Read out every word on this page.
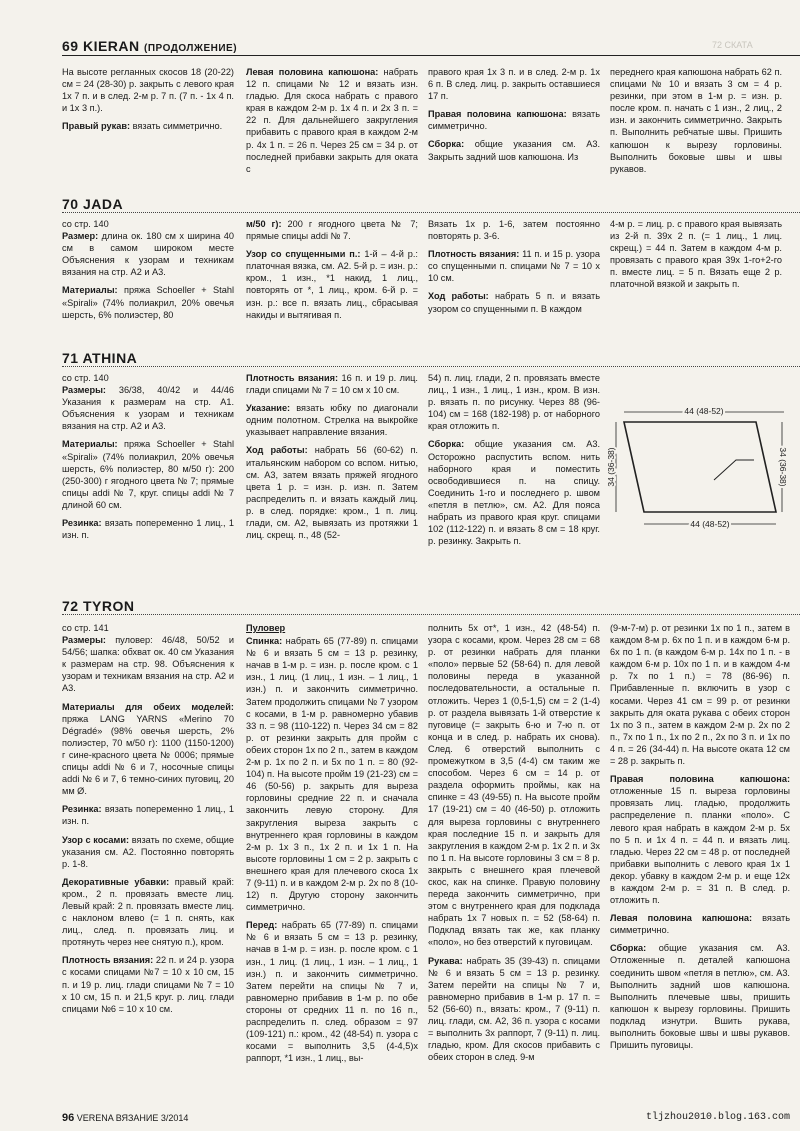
69 KIERAN (ПРОДОЛЖЕНИЕ)	72 СКАТА

На высоте регланных скосов 18 (20-22) см = 24 (28-30) р. закрыть с левого края 1х 7 п. и в след. 2-м р. 7 п. (7 п. - 1х 4 п. и 1х 3 п.).

Правый рукав: вязать симметрично.

Левая половина капюшона: набрать 12 п. спицами № 12 и вязать изн. гладью. Для скоса набрать с правого края в каждом 2-м р. 1х 4 п. и 2х 3 п. = 22 п. Для дальнейшего закругления прибавить с правого края в каждом 2-м р. 4х 1 п. = 26 п. Через 25 см = 34 р. от последней прибавки закрыть для оката с

правого края 1х 3 п. и в след. 2-м р. 1х 6 п. В след. лиц. р. закрыть оставшиеся 17 п.

Правая половина капюшона: вязать симметрично.

Сборка: общие указания см. А3. Закрыть задний шов капюшона. Из

переднего края капюшона набрать 62 п. спицами № 10 и вязать 3 см = 4 р. резинки, при этом в 1-м р. = изн. р. после кром. п. начать с 1 изн., 2 лиц., 2 изн. и закончить симметрично. Закрыть п. Выполнить ребчатые швы. Пришить капюшон к вырезу горловины. Выполнить боковые швы и швы рукавов.

70 JADA

со стр. 140

Размер: длина ок. 180 см x ширина 40 см в самом широком месте Объяснения к узорам и техникам вязания на стр. А2 и А3.

Материалы: пряжа Schoeller + Stahl «Spirali» (74% полиакрил, 20% овечья шерсть, 6% полиэстер, 80

м/50 г): 200 г ягодного цвета № 7; прямые спицы addi № 7.

Узор со спущенными п.: 1-й – 4-й р.: платочная вязка, см. А2. 5-й р. = изн. р.: кром., 1 изн., *1 накид, 1 лиц., повторять от *, 1 лиц., кром. 6-й р. = изн. р.: все п. вязать лиц., сбрасывая накиды и вытягивая п.

Вязать 1х р. 1-6, затем постоянно повторять р. 3-6.

Плотность вязания: 11 п. и 15 р. узора со спущенными п. спицами № 7 = 10 x 10 см.

Ход работы: набрать 5 п. и вязать узором со спущенными п. В каждом

4-м р. = лиц. р. с правого края вывязать из 2-й п. 39х 2 п. (= 1 лиц., 1 лиц. скрещ.) = 44 п. Затем в каждом 4-м р. провязать с правого края 39х 1-го+2-го п. вместе лиц. = 5 п. Вязать еще 2 р. платочной вязкой и закрыть п.

71 ATHINA

со стр. 140

Размеры: 36/38, 40/42 и 44/46 Указания к размерам на стр. А1. Объяснения к узорам и техникам вязания на стр. А2 и А3.

Материалы: пряжа Schoeller + Stahl «Spirali» (74% полиакрил, 20% овечья шерсть, 6% полиэстер, 80 м/50 г): 200 (250-300) г ягодного цвета № 7; прямые спицы addi № 7, круг. спицы addi № 7 длиной 60 см.

Резинка: вязать попеременно 1 лиц., 1 изн. п.

Плотность вязания: 16 п. и 19 р. лиц. глади спицами № 7 = 10 см x 10 см.

Указание: вязать юбку по диагонали одним полотном. Стрелка на выкройке указывает направление вязания.

Ход работы: набрать 56 (60-62) п. итальянским набором со вспом. нитью, см. А3, затем вязать пряжей ягодного цвета 1 р. = изн. р. изн. п. Затем распределить п. и вязать каждый лиц. р. в след. порядке: кром., 1 п. лиц. глади, см. А2, вывязать из протяжки 1 лиц. скрещ. п., 48 (52-

54) п. лиц. глади, 2 п. провязать вместе лиц., 1 изн., 1 лиц., 1 изн., кром. В изн. р. вязать п. по рисунку. Через 88 (96-104) см = 168 (182-198) р. от наборного края отложить п.

Сборка: общие указания см. А3. Осторожно распустить вспом. нить наборного края и поместить освободившиеся п. на спицу. Соединить 1-го и последнего р. швом «петля в петлю», см. А2. Для пояса набрать из правого края круг. спицами 102 (112-122) п. и вязать 8 см = 18 круг. р. резинку. Закрыть п.

44 (48-52)
34 (36-38)	34 (36-38)
44 (48-52)
72 TYRON

со стр. 141

Размеры: пуловер: 46/48, 50/52 и 54/56; шапка: обхват ок. 40 см Указания к размерам на стр. 98. Объяснения к узорам и техникам вязания на стр. А2 и А3.

Материалы для обеих моделей: пряжа LANG YARNS «Merino 70 Dégradé» (98% овечья шерсть, 2% полиэстер, 70 м/50 г): 1100 (1150-1200) г сине-красного цвета № 0006; прямые спицы addi № 6 и 7, носочные спицы addi № 6 и 7, 6 темно-синих пуговиц, 20 мм Ø.

Резинка: вязать попеременно 1 лиц., 1 изн. п.

Узор с косами: вязать по схеме, общие указания см. А2. Постоянно повторять р. 1-8.

Декоративные убавки: правый край: кром., 2 п. провязать вместе лиц. Левый край: 2 п. провязать вместе лиц. с наклоном влево (= 1 п. снять, как лиц., след. п. провязать лиц. и протянуть через нее снятую п.), кром.

Плотность вязания: 22 п. и 24 р. узора с косами спицами №7 = 10 x 10 см, 15 п. и 19 р. лиц. глади спицами № 7 = 10 x 10 см, 15 п. и 21,5 круг. р. лиц. глади спицами №6 = 10 x 10 см.

Пуловер

Спинка: набрать 65 (77-89) п. спицами № 6 и вязать 5 см = 13 р. резинку, начав в 1-м р. = изн. р. после кром. с 1 изн., 1 лиц. (1 лиц., 1 изн. – 1 лиц., 1 изн.) п. и закончить симметрично. Затем продолжить спицами № 7 узором с косами, в 1-м р. равномерно убавив 33 п. = 98 (110-122) п. Через 34 см = 82 р. от резинки закрыть для пройм с обеих сторон 1х по 2 п., затем в каждом 2-м р. 1х по 2 п. и 5х по 1 п. = 80 (92-104) п. На высоте пройм 19 (21-23) см = 46 (50-56) р. закрыть для выреза горловины средние 22 п. и сначала закончить левую сторону. Для закругления выреза закрыть с внутреннего края горловины в каждом 2-м р. 1х 3 п., 1х 2 п. и 1х 1 п. На высоте горловины 1 см = 2 р. закрыть с внешнего края для плечевого скоса 1х 7 (9-11) п. и в каждом 2-м р. 2х по 8 (10-12) п. Другую сторону закончить симметрично.

Перед: набрать 65 (77-89) п. спицами № 6 и вязать 5 см = 13 р. резинку, начав в 1-м р. = изн. р. после кром. с 1 изн., 1 лиц. (1 лиц., 1 изн. – 1 лиц., 1 изн.) п. и закончить симметрично. Затем перейти на спицы № 7 и, равномерно прибавив в 1-м р. по обе стороны от средних 11 п. по 16 п., распределить п. след. образом = 97 (109-121) п.: кром., 42 (48-54) п. узора с косами = выполнить 3,5 (4-4,5)х раппорт, *1 изн., 1 лиц., вы-

полнить 5х от*, 1 изн., 42 (48-54) п. узора с косами, кром. Через 28 см = 68 р. от резинки набрать для планки «поло» первые 52 (58-64) п. для левой половины переда в указанной последовательности, а остальные п. отложить. Через 1 (0,5-1,5) см = 2 (1-4) р. от раздела вывязать 1-й отверстие к пуговице (= закрыть 6-ю и 7-ю п. от конца и в след. р. набрать их снова). След. 6 отверстий выполнить с промежутком в 3,5 (4-4) см таким же способом. Через 6 см = 14 р. от раздела оформить проймы, как на спинке = 43 (49-55) п. На высоте пройм 17 (19-21) см = 40 (46-50) р. отложить для выреза горловины с внутреннего края последние 15 п. и закрыть для закругления в каждом 2-м р. 1х 2 п. и 3х по 1 п. На высоте горловины 3 см = 8 р. закрыть с внешнего края плечевой скос, как на спинке. Правую половину переда закончить симметрично, при этом с внутреннего края для подклада набрать 1х 7 новых п. = 52 (58-64) п. Подклад вязать так же, как планку «поло», но без отверстий к пуговицам.

Рукава: набрать 35 (39-43) п. спицами № 6 и вязать 5 см = 13 р. резинку. Затем перейти на спицы № 7 и, равномерно прибавив в 1-м р. 17 п. = 52 (56-60) п., вязать: кром., 7 (9-11) п. лиц. глади, см. А2, 36 п. узора с косами = выполнить 3х раппорт, 7 (9-11) п. лиц. гладью, кром. Для скосов прибавить с обеих сторон в след. 9-м

(9-м-7-м) р. от резинки 1х по 1 п., затем в каждом 8-м р. 6х по 1 п. и в каждом 6-м р. 6х по 1 п. (в каждом 6-м р. 14х по 1 п. - в каждом 6-м р. 10х по 1 п. и в каждом 4-м р. 7х по 1 п.) = 78 (86-96) п. Прибавленные п. включить в узор с косами. Через 41 см = 99 р. от резинки закрыть для оката рукава с обеих сторон 1х по 3 п., затем в каждом 2-м р. 2х по 2 п., 7х по 1 п., 1х по 2 п., 2х по 3 п. и 1х по 4 п. = 26 (34-44) п. На высоте оката 12 см = 28 р. закрыть п.

Правая половина капюшона: отложенные 15 п. выреза горловины провязать лиц. гладью, продолжить распределение п. планки «поло». С левого края набрать в каждом 2-м р. 5х по 5 п. и 1х 4 п. = 44 п. и вязать лиц. гладью. Через 22 см = 48 р. от последней прибавки выполнить с левого края 1х 1 декор. убавку в каждом 2-м р. и еще 12х в каждом 2-м р. = 31 п. В след. р. отложить п.

Левая половина капюшона: вязать симметрично.

Сборка: общие указания см. А3. Отложенные п. деталей капюшона соединить швом «петля в петлю», см. А3. Выполнить задний шов капюшона. Выполнить плечевые швы, пришить капюшон к вырезу горловины. Пришить подклад изнутри. Вшить рукава, выполнить боковые швы и швы рукавов. Пришить пуговицы.

96 VERENA ВЯЗАНИЕ 3/2014	tljzhou2010.blog.163.com
